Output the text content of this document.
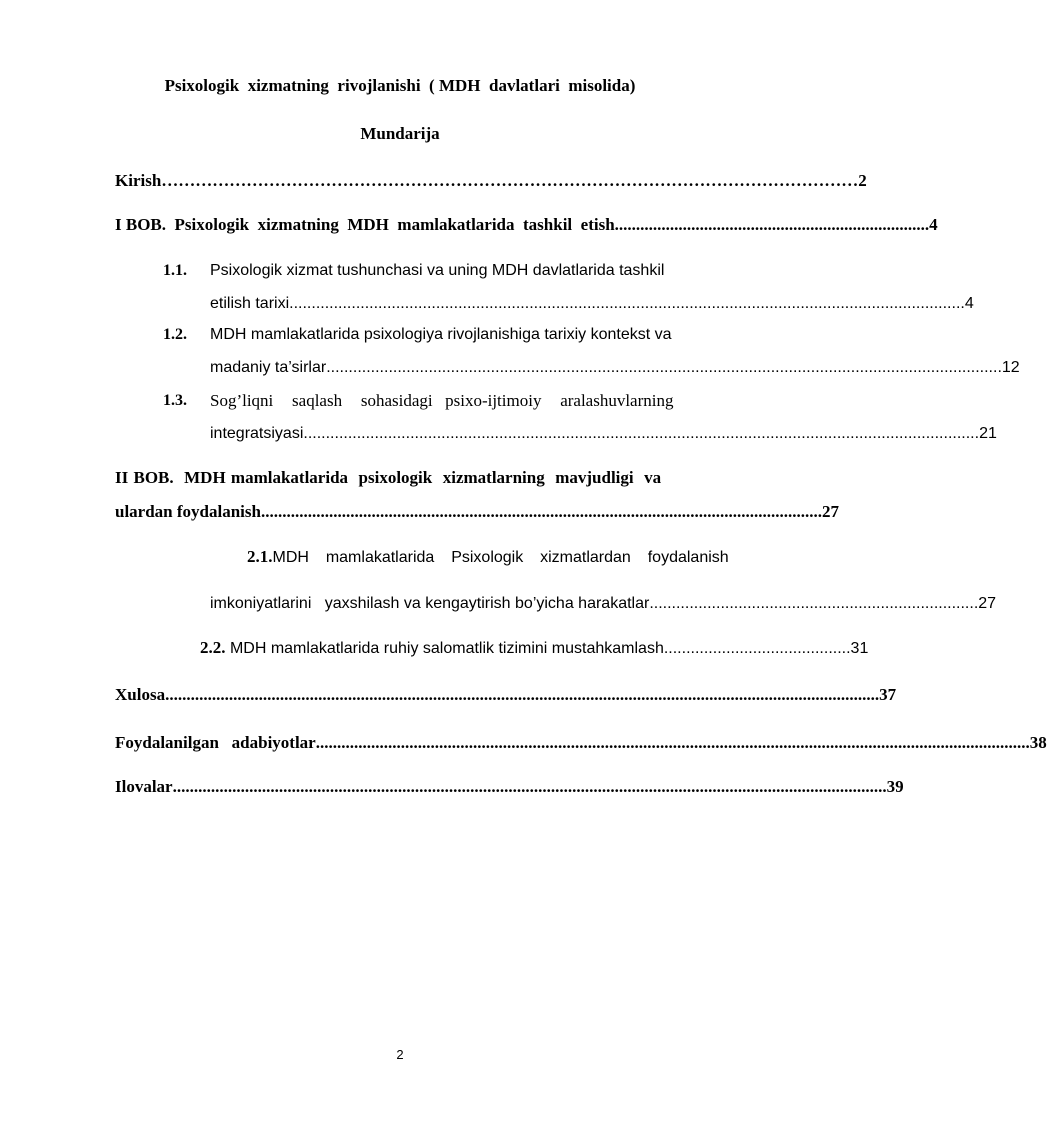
Psixologik  xizmatning  rivojlanishi  ( MDH  davlatlari  misolida)
Mundarija
Kirish …………………………………………………………………………………………………………… 2
I BOB.  Psixologik  xizmatning  MDH  mamlakatlarida  tashkil  etish .......................................................................... 4
1.1. Psixologik xizmat tushunchasi va uning MDH davlatlarida tashkil
etilish tarixi ........................................................................................................................................................ 4
1.2. MDH mamlakatlarida psixologiya rivojlanishiga tarixiy kontekst va
madaniy ta’sirlar ........................................................................................................................................................ 12
1.3. Sog’liqni   saqlash   sohasidagi  psixo-ijtimoiy   aralashuvlarning
integratsiyasi ........................................................................................................................................................ 21
II BOB.  MDH mamlakatlarida  psixologik  xizmatlarning  mavjudligi  va
ulardan foydalanish .................................................................................................................................... 27
2.1.MDH  mamlakatlarida  Psixologik  xizmatlardan  foydalanish
imkoniyatlarini   yaxshilash va kengaytirish bo’yicha harakatlar .......................................................................... 27
2.2. MDH mamlakatlarida ruhiy salomatlik tizimini mustahkamlash .......................................... 31
Xulosa ........................................................................................................................................................................ 37
Foydalanilgan   adabiyotlar ........................................................................................................................................................................ 38
Ilovalar ........................................................................................................................................................................ 39
2
